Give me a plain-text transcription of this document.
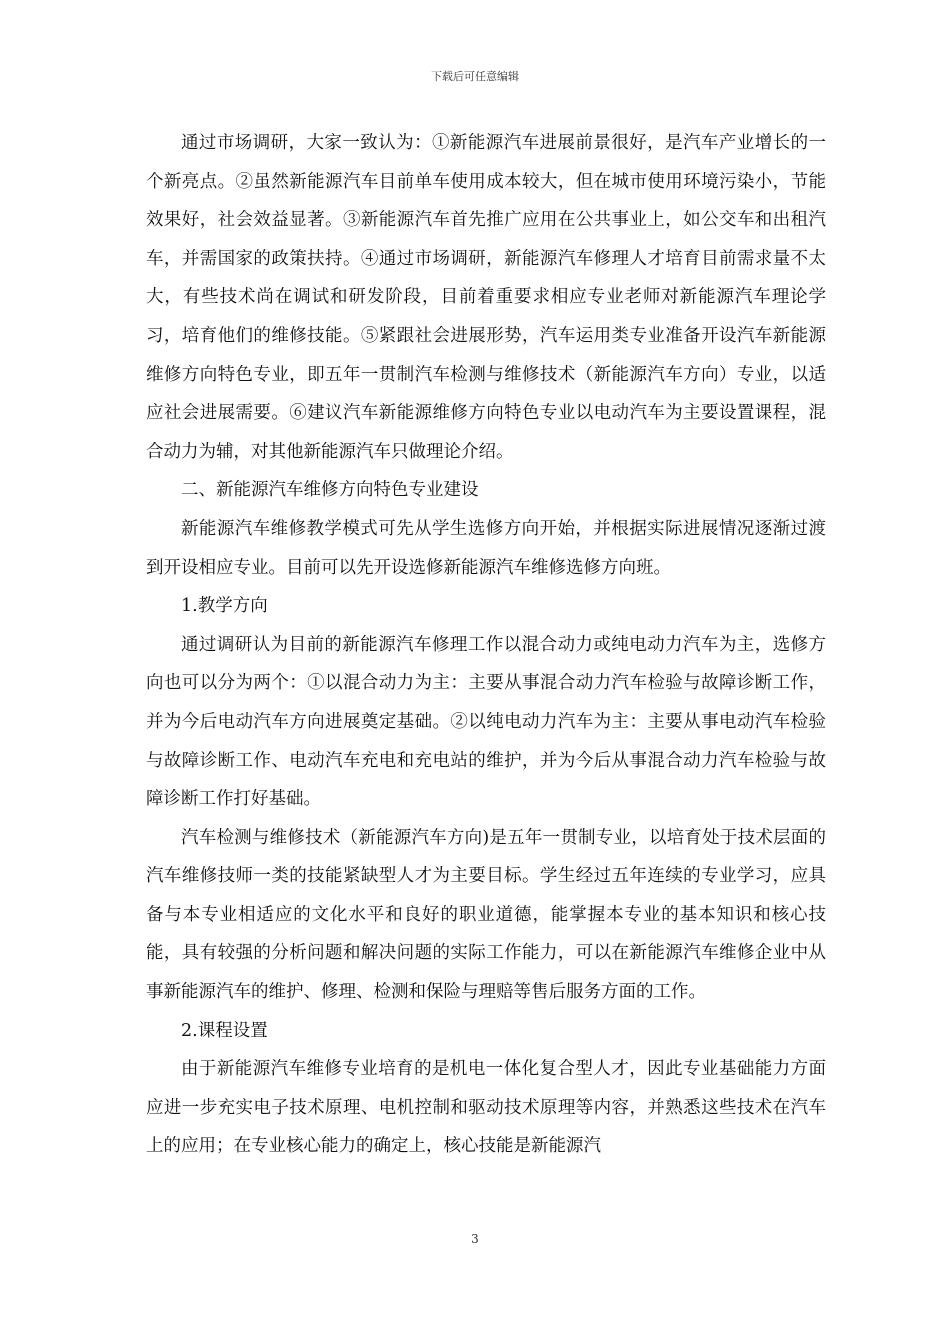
下载后可任意编辑

通过市场调研，大家一致认为：①新能源汽车进展前景很好，是汽车产业增长的一个新亮点。②虽然新能源汽车目前单车使用成本较大，但在城市使用环境污染小，节能效果好，社会效益显著。③新能源汽车首先推广应用在公共事业上，如公交车和出租汽车，并需国家的政策扶持。④通过市场调研，新能源汽车修理人才培育目前需求量不太大，有些技术尚在调试和研发阶段，目前着重要求相应专业老师对新能源汽车理论学习，培育他们的维修技能。⑤紧跟社会进展形势，汽车运用类专业准备开设汽车新能源维修方向特色专业，即五年一贯制汽车检测与维修技术（新能源汽车方向）专业，以适应社会进展需要。⑥建议汽车新能源维修方向特色专业以电动汽车为主要设置课程，混合动力为辅，对其他新能源汽车只做理论介绍。

二、新能源汽车维修方向特色专业建设

新能源汽车维修教学模式可先从学生选修方向开始，并根据实际进展情况逐渐过渡到开设相应专业。目前可以先开设选修新能源汽车维修选修方向班。

1.教学方向

通过调研认为目前的新能源汽车修理工作以混合动力或纯电动力汽车为主，选修方向也可以分为两个：①以混合动力为主：主要从事混合动力汽车检验与故障诊断工作，并为今后电动汽车方向进展奠定基础。②以纯电动力汽车为主：主要从事电动汽车检验与故障诊断工作、电动汽车充电和充电站的维护，并为今后从事混合动力汽车检验与故障诊断工作打好基础。

汽车检测与维修技术（新能源汽车方向)是五年一贯制专业，以培育处于技术层面的汽车维修技师一类的技能紧缺型人才为主要目标。学生经过五年连续的专业学习，应具备与本专业相适应的文化水平和良好的职业道德，能掌握本专业的基本知识和核心技能，具有较强的分析问题和解决问题的实际工作能力，可以在新能源汽车维修企业中从事新能源汽车的维护、修理、检测和保险与理赔等售后服务方面的工作。

2.课程设置

由于新能源汽车维修专业培育的是机电一体化复合型人才，因此专业基础能力方面应进一步充实电子技术原理、电机控制和驱动技术原理等内容，并熟悉这些技术在汽车上的应用；在专业核心能力的确定上，核心技能是新能源汽

3
